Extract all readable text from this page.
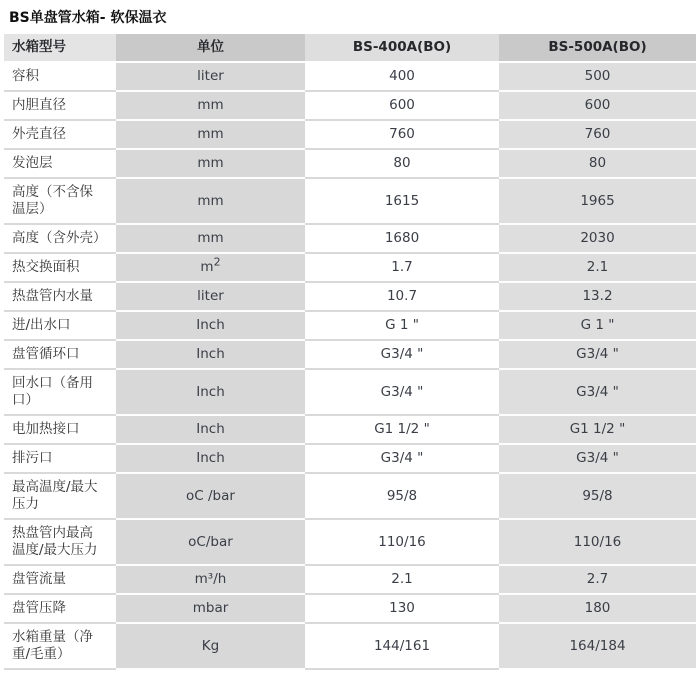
BS单盘管水箱- 软保温衣
水箱型号	单位	BS-400A(BO)	BS-500A(BO)
容积	liter	400	500
内胆直径	mm	600	600
外壳直径	mm	760	760
发泡层	mm	80	80
高度（不含保温层）	mm	1615	1965
高度（含外壳）	mm	1680	2030
热交换面积	$m^2$	1.7	2.1
热盘管内水量	liter	10.7	13.2
进/出水口	Inch	G 1 "	G 1 "
盘管循环口	Inch	G3/4 "	G3/4 "
回水口（备用口）	Inch	G3/4 "	G3/4 "
电加热接口	Inch	G1 1/2 "	G1 1/2 "
排污口	Inch	G3/4 "	G3/4 "
最高温度/最大压力	oC /bar	95/8	95/8
热盘管内最高温度/最大压力	oC/bar	110/16	110/16
盘管流量	m³/h	2.1	2.7
盘管压降	mbar	130	180
水箱重量（净重/毛重）	Kg	144/161	164/184
